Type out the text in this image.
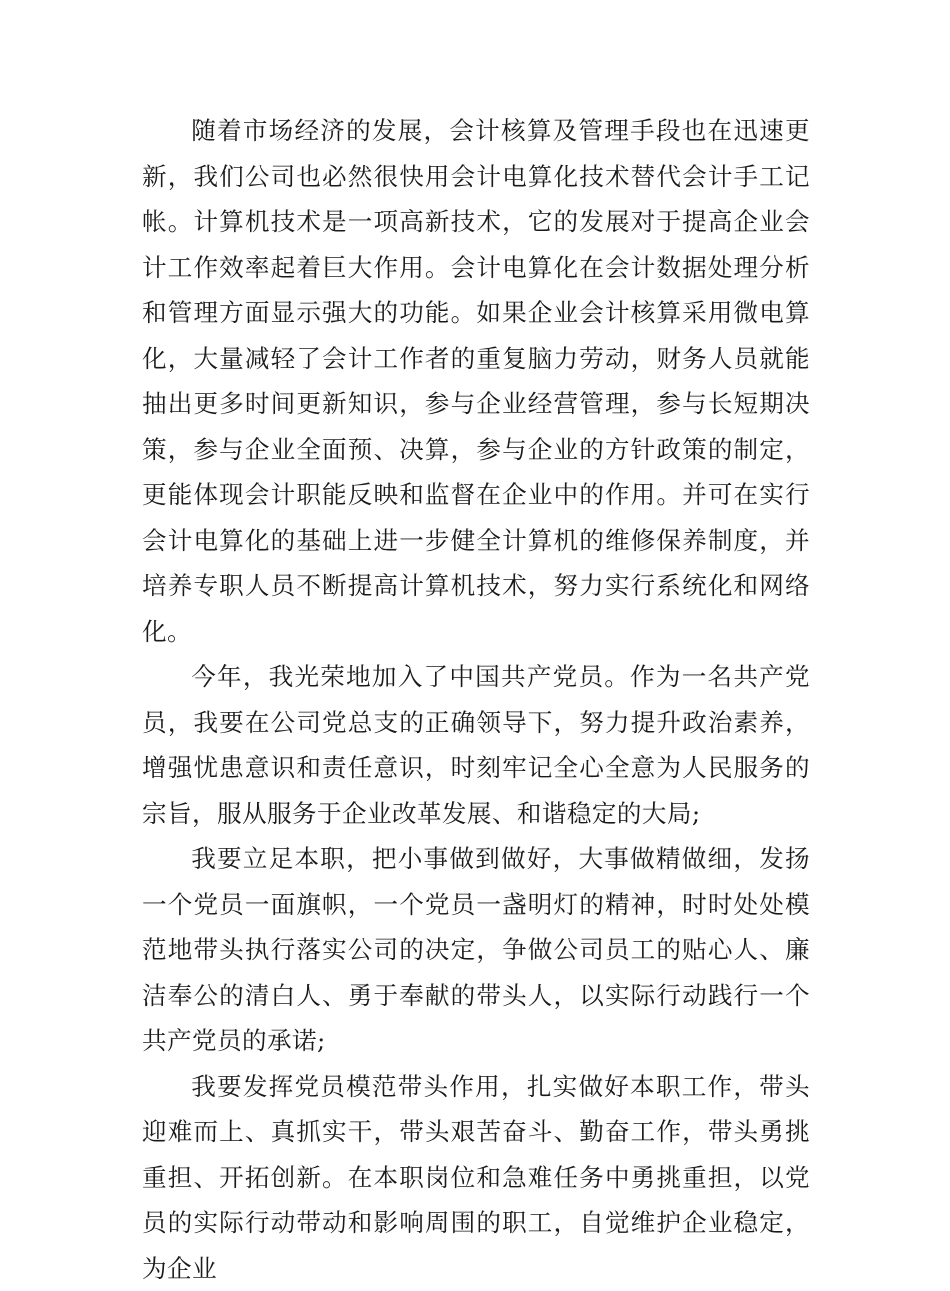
随着市场经济的发展，会计核算及管理手段也在迅速更新，我们公司也必然很快用会计电算化技术替代会计手工记帐。计算机技术是一项高新技术，它的发展对于提高企业会计工作效率起着巨大作用。会计电算化在会计数据处理分析和管理方面显示强大的功能。如果企业会计核算采用微电算化，大量减轻了会计工作者的重复脑力劳动，财务人员就能抽出更多时间更新知识，参与企业经营管理，参与长短期决策，参与企业全面预、决算，参与企业的方针政策的制定，更能体现会计职能反映和监督在企业中的作用。并可在实行会计电算化的基础上进一步健全计算机的维修保养制度，并培养专职人员不断提高计算机技术，努力实行系统化和网络化。

今年，我光荣地加入了中国共产党员。作为一名共产党员，我要在公司党总支的正确领导下，努力提升政治素养，增强忧患意识和责任意识，时刻牢记全心全意为人民服务的宗旨，服从服务于企业改革发展、和谐稳定的大局;

我要立足本职，把小事做到做好，大事做精做细，发扬一个党员一面旗帜，一个党员一盏明灯的精神，时时处处模范地带头执行落实公司的决定，争做公司员工的贴心人、廉洁奉公的清白人、勇于奉献的带头人，以实际行动践行一个共产党员的承诺;

我要发挥党员模范带头作用，扎实做好本职工作，带头迎难而上、真抓实干，带头艰苦奋斗、勤奋工作，带头勇挑重担、开拓创新。在本职岗位和急难任务中勇挑重担，以党员的实际行动带动和影响周围的职工，自觉维护企业稳定，为企业
